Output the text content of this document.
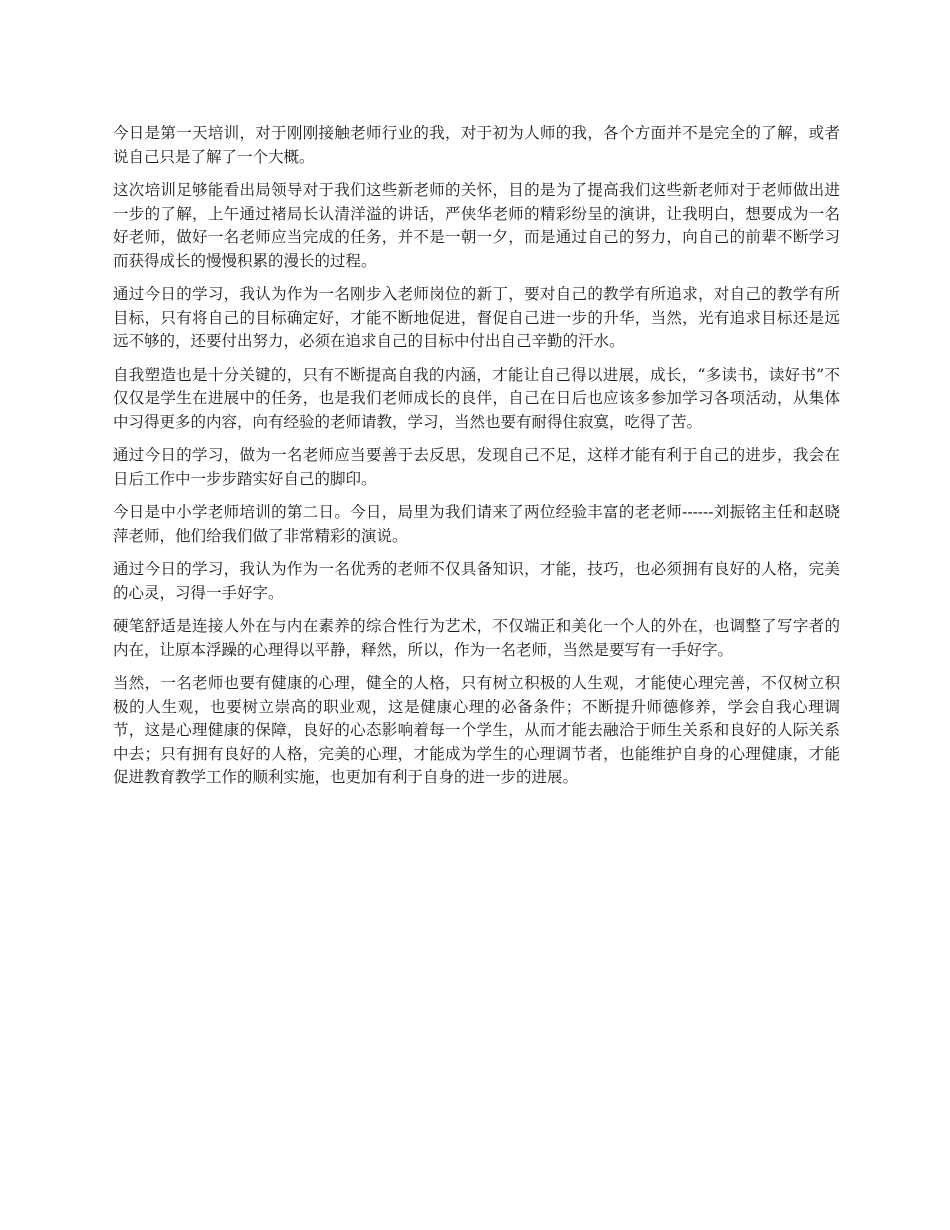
今日是第一天培训，对于刚刚接触老师行业的我，对于初为人师的我，各个方面并不是完全的了解，或者说自己只是了解了一个大概。

这次培训足够能看出局领导对于我们这些新老师的关怀，目的是为了提高我们这些新老师对于老师做出进一步的了解，上午通过褚局长认清洋溢的讲话，严侠华老师的精彩纷呈的演讲，让我明白，想要成为一名好老师，做好一名老师应当完成的任务，并不是一朝一夕，而是通过自己的努力，向自己的前辈不断学习而获得成长的慢慢积累的漫长的过程。

通过今日的学习，我认为作为一名刚步入老师岗位的新丁，要对自己的教学有所追求，对自己的教学有所目标，只有将自己的目标确定好，才能不断地促进，督促自己进一步的升华，当然，光有追求目标还是远远不够的，还要付出努力，必须在追求自己的目标中付出自己辛勤的汗水。

自我塑造也是十分关键的，只有不断提高自我的内涵，才能让自己得以进展，成长，“多读书，读好书”不仅仅是学生在进展中的任务，也是我们老师成长的良伴，自己在日后也应该多参加学习各项活动，从集体中习得更多的内容，向有经验的老师请教，学习，当然也要有耐得住寂寞，吃得了苦。

通过今日的学习，做为一名老师应当要善于去反思，发现自己不足，这样才能有利于自己的进步，我会在日后工作中一步步踏实好自己的脚印。

今日是中小学老师培训的第二日。今日，局里为我们请来了两位经验丰富的老老师------刘振铭主任和赵晓萍老师，他们给我们做了非常精彩的演说。

通过今日的学习，我认为作为一名优秀的老师不仅具备知识，才能，技巧，也必须拥有良好的人格，完美的心灵，习得一手好字。

硬笔舒适是连接人外在与内在素养的综合性行为艺术，不仅端正和美化一个人的外在，也调整了写字者的内在，让原本浮躁的心理得以平静，释然，所以，作为一名老师，当然是要写有一手好字。

当然，一名老师也要有健康的心理，健全的人格，只有树立积极的人生观，才能使心理完善，不仅树立积极的人生观，也要树立崇高的职业观，这是健康心理的必备条件；不断提升师德修养，学会自我心理调节，这是心理健康的保障，良好的心态影响着每一个学生，从而才能去融洽于师生关系和良好的人际关系中去；只有拥有良好的人格，完美的心理，才能成为学生的心理调节者，也能维护自身的心理健康，才能促进教育教学工作的顺利实施，也更加有利于自身的进一步的进展。
